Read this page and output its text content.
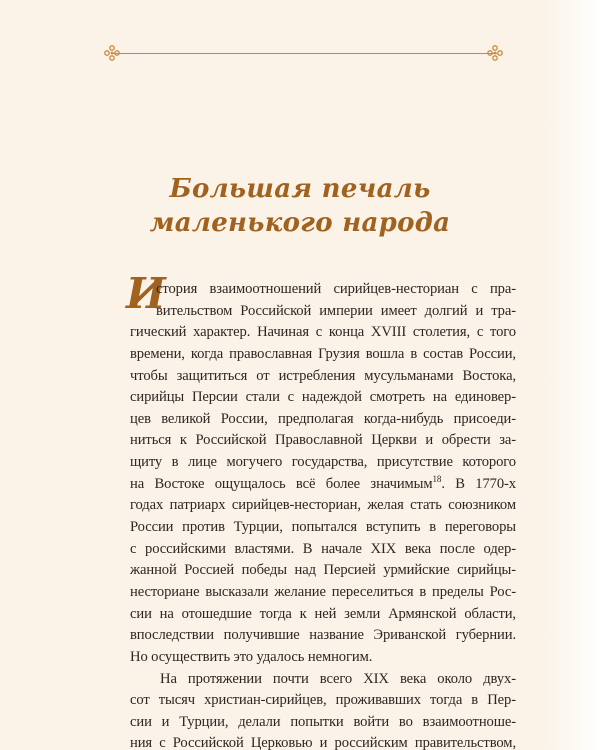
Большая печаль
маленького народа
И
стория взаимоотношений сирийцев-несториан с пра-
вительством Российской империи имеет долгий и тра-
гический характер. Начиная с конца XVIII столетия, с того
времени, когда православная Грузия вошла в состав России,
чтобы защититься от истребления мусульманами Востока,
сирийцы Персии стали с надеждой смотреть на единовер-
цев великой России, предполагая когда-нибудь присоеди-
ниться к Российской Православной Церкви и обрести за-
щиту в лице могучего государства, присутствие которого
на Востоке ощущалось всё более значимым$^{18}$. В 1770-х
годах патриарх сирийцев-несториан, желая стать союзником
России против Турции, попытался вступить в переговоры
с российскими властями. В начале XIX века после одер-
жанной Россией победы над Персией урмийские сирийцы-
несториане высказали желание переселиться в пределы Рос-
сии на отошедшие тогда к ней земли Армянской области,
впоследствии получившие название Эриванской губернии.
Но осуществить это удалось немногим.
На протяжении почти всего XIX века около двух-
сот тысяч христиан-сирийцев, проживавших тогда в Пер-
сии и Турции, делали попытки войти во взаимоотноше-
ния с Российской Церковью и российским правительством,
